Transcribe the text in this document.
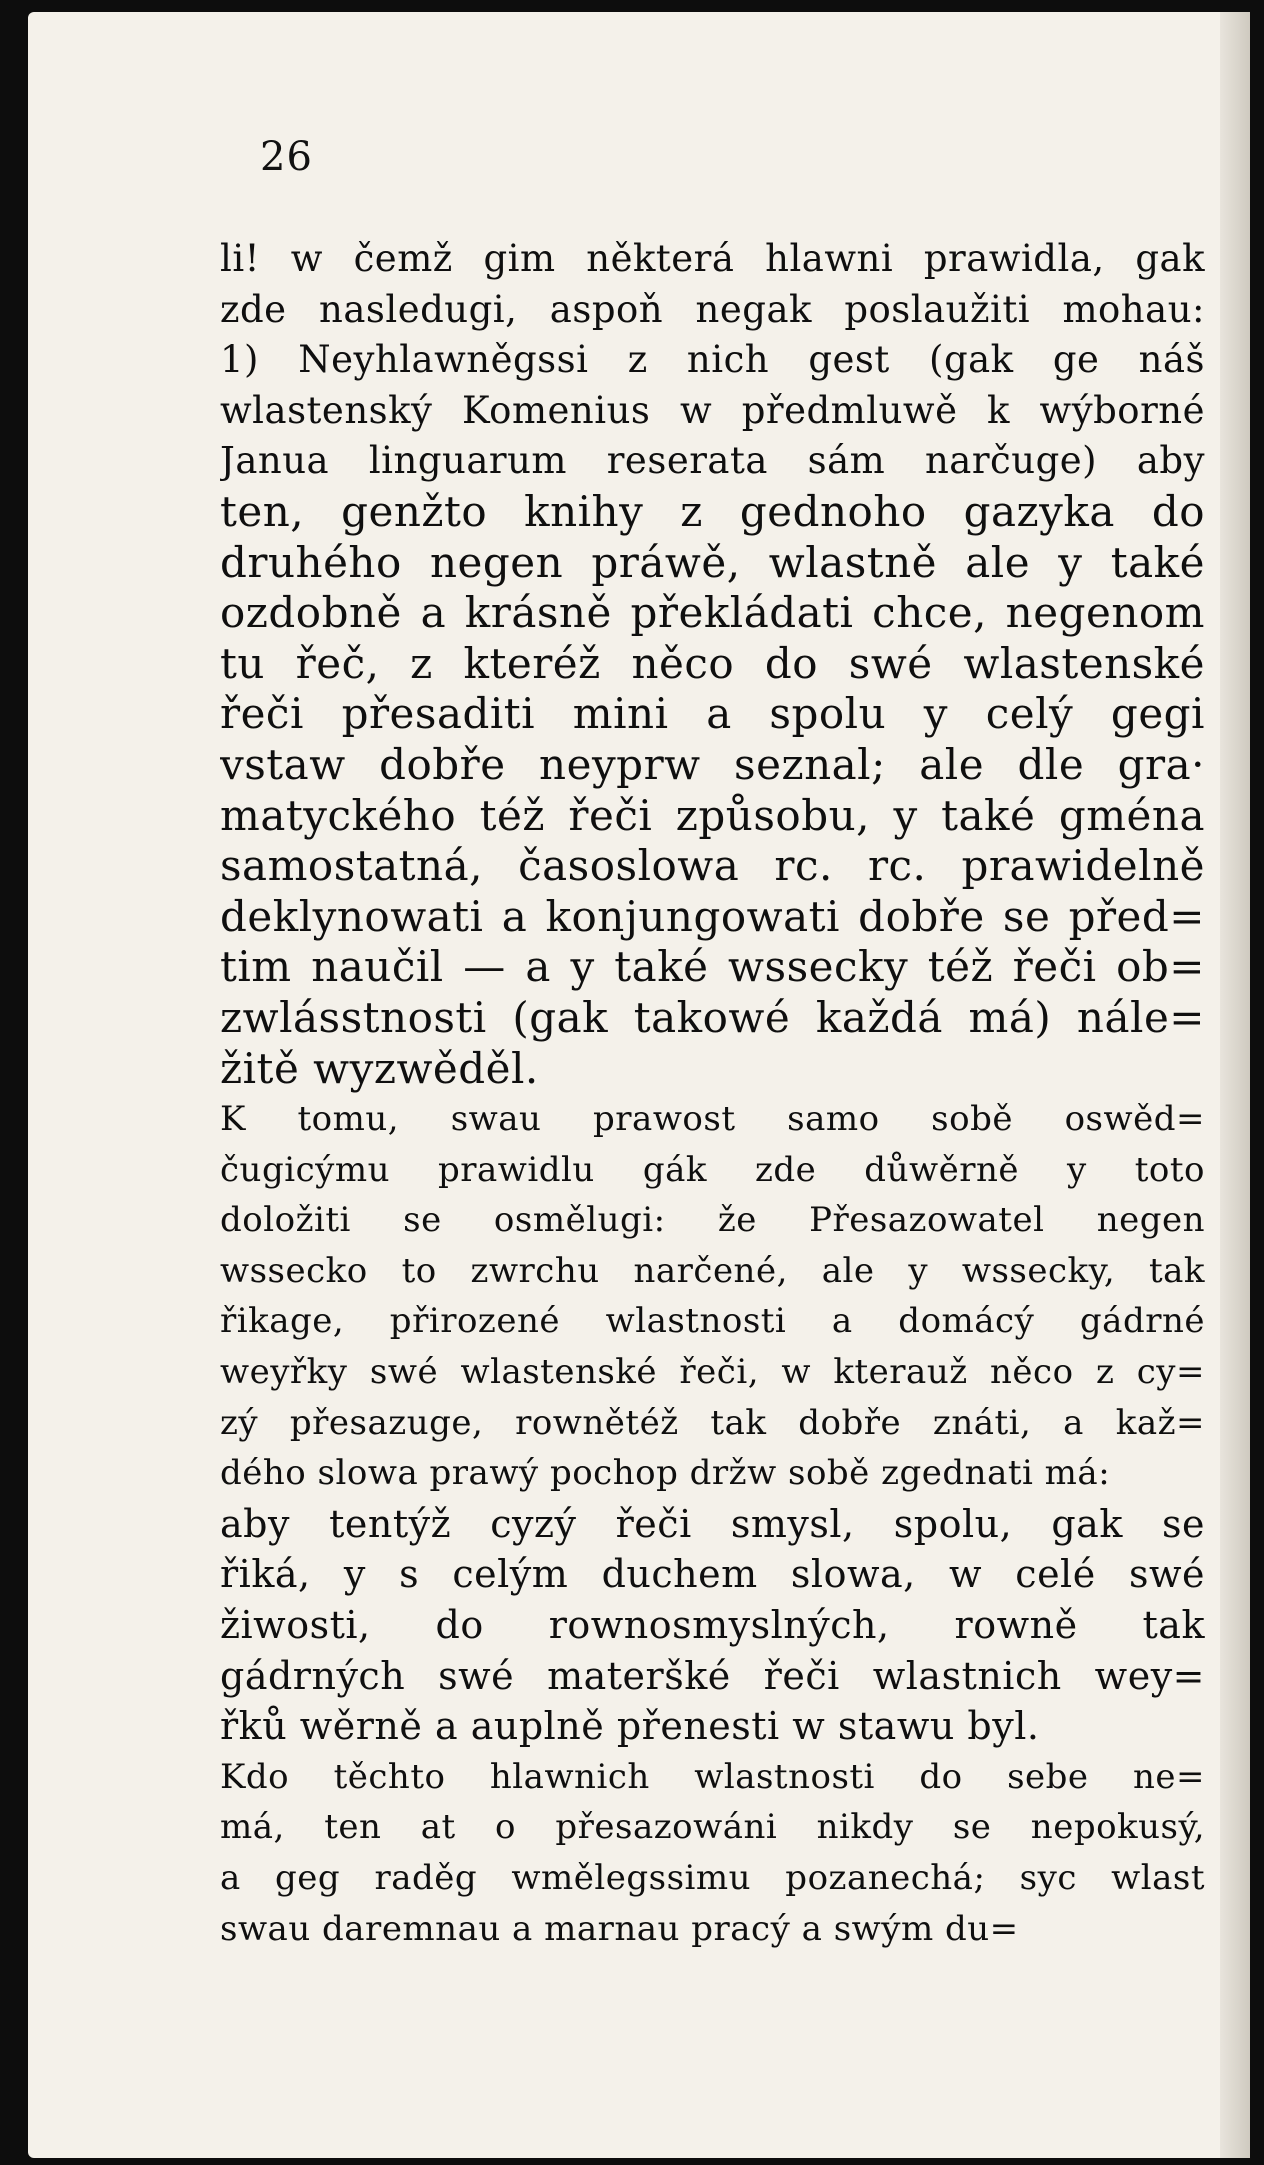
26
li! w čemž gim některá hlawni prawidla, gak
zde nasledugi, aspoň negak poslaužiti mohau:
1) Neyhlawněgssi z nich gest (gak ge náš
wlastenský Komenius w předmluwě k wýborné
Janua linguarum reserata sám narčuge) aby
ten, genžto knihy z gednoho gazyka do
druhého negen práwě, wlastně ale y také
ozdobně a krásně překládati chce, negenom
tu řeč, z kteréž něco do swé wlastenské
řeči přesaditi mini a spolu y celý gegi
vstaw dobře neyprw seznal; ale dle gra·
matyckého též řeči způsobu, y také gména
samostatná, časoslowa rc. rc. prawidelně
deklynowati a konjungowati dobře se před=
tim naučil — a y také wssecky též řeči ob=
zwlásstnosti (gak takowé každá má) nále=
žitě wyzwěděl.
K tomu, swau prawost samo sobě oswěd=
čugicýmu prawidlu gák zde důwěrně y toto
doložiti se osmělugi: že Přesazowatel negen
wssecko to zwrchu narčené, ale y wssecky, tak
řikage, přirozené wlastnosti a domácý gádrné
weyřky swé wlastenské řeči, w kterauž něco z cy=
zý přesazuge, rownětéž tak dobře znáti, a kaž=
dého slowa prawý pochop držw sobě zgednati má:
aby tentýž cyzý řeči smysl, spolu, gak se
řiká, y s celým duchem slowa, w celé swé
žiwosti, do rownosmyslných, rowně tak
gádrných swé materšké řeči wlastnich wey=
řků wěrně a auplně přenesti w stawu byl.
Kdo těchto hlawnich wlastnosti do sebe ne=
má, ten at o přesazowáni nikdy se nepokusý,
a geg raděg wmělegssimu pozanechá; syc wlast
swau daremnau a marnau pracý a swým du=
